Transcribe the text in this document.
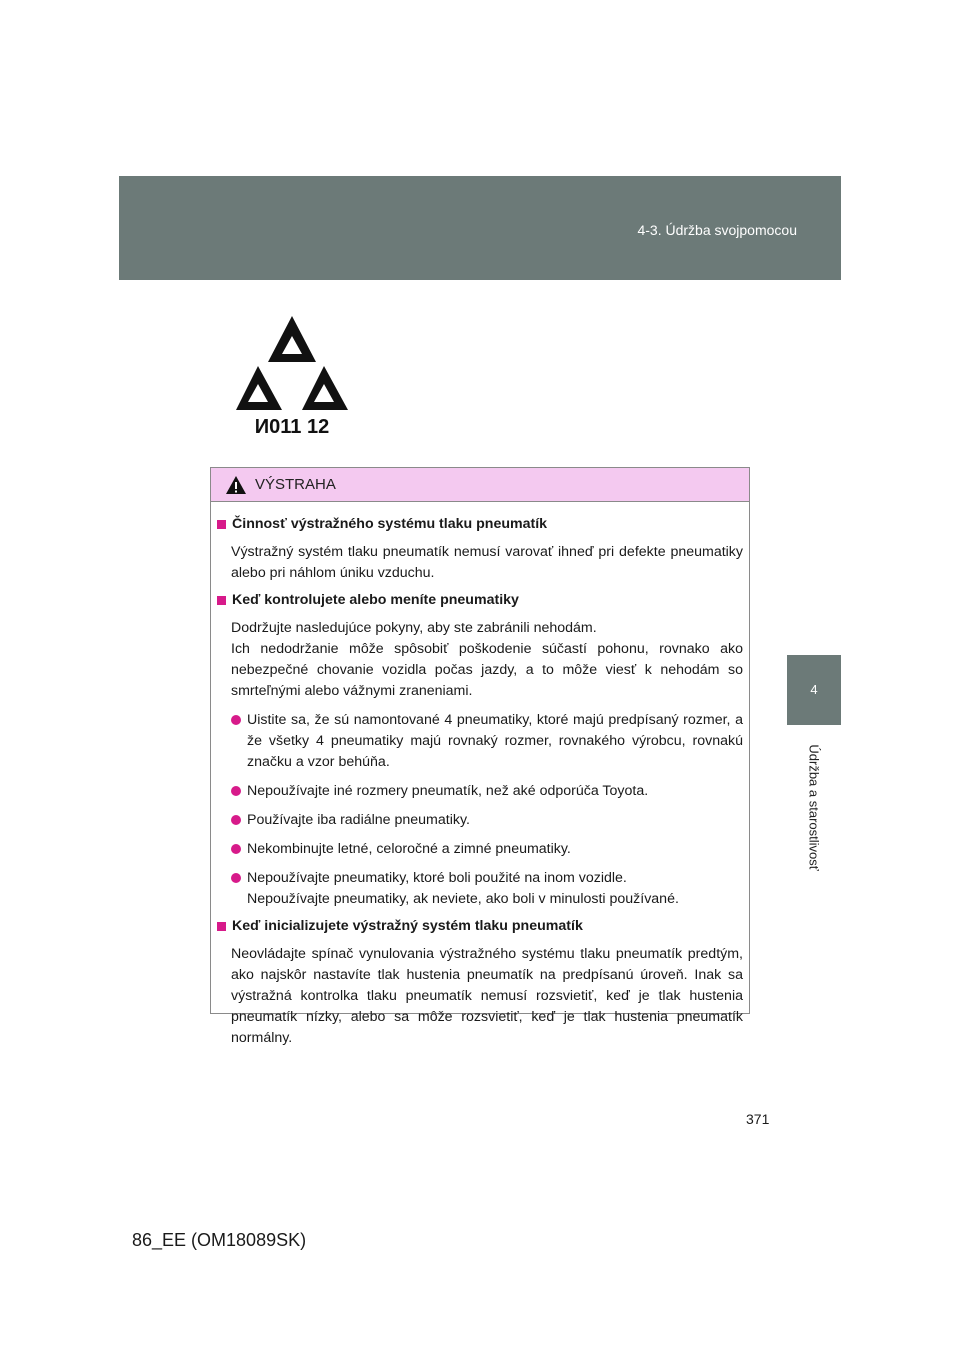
4-3. Údržba svojpomocou
4
Údržba a starostlivosť
И011 12
VÝSTRAHA
Činnosť výstražného systému tlaku pneumatík
Výstražný systém tlaku pneumatík nemusí varovať ihneď pri defekte pneumatiky alebo pri náhlom úniku vzduchu.
Keď kontrolujete alebo meníte pneumatiky
Dodržujte nasledujúce pokyny, aby ste zabránili nehodám.
Ich nedodržanie môže spôsobiť poškodenie súčastí pohonu, rovnako ako nebezpečné chovanie vozidla počas jazdy, a to môže viesť k nehodám so smrteľnými alebo vážnymi zraneniami.
Uistite sa, že sú namontované 4 pneumatiky, ktoré majú predpísaný rozmer, a že všetky 4 pneumatiky majú rovnaký rozmer, rovnakého výrobcu, rovnakú značku a vzor behúňa.
Nepoužívajte iné rozmery pneumatík, než aké odporúča Toyota.
Používajte iba radiálne pneumatiky.
Nekombinujte letné, celoročné a zimné pneumatiky.
Nepoužívajte pneumatiky, ktoré boli použité na inom vozidle.
Nepoužívajte pneumatiky, ak neviete, ako boli v minulosti používané.
Keď inicializujete výstražný systém tlaku pneumatík
Neovládajte spínač vynulovania výstražného systému tlaku pneumatík predtým, ako najskôr nastavíte tlak hustenia pneumatík na predpísanú úroveň. Inak sa výstražná kontrolka tlaku pneumatík nemusí rozsvietiť, keď je tlak hustenia pneumatík nízky, alebo sa môže rozsvietiť, keď je tlak hustenia pneumatík normálny.
371
86_EE (OM18089SK)
